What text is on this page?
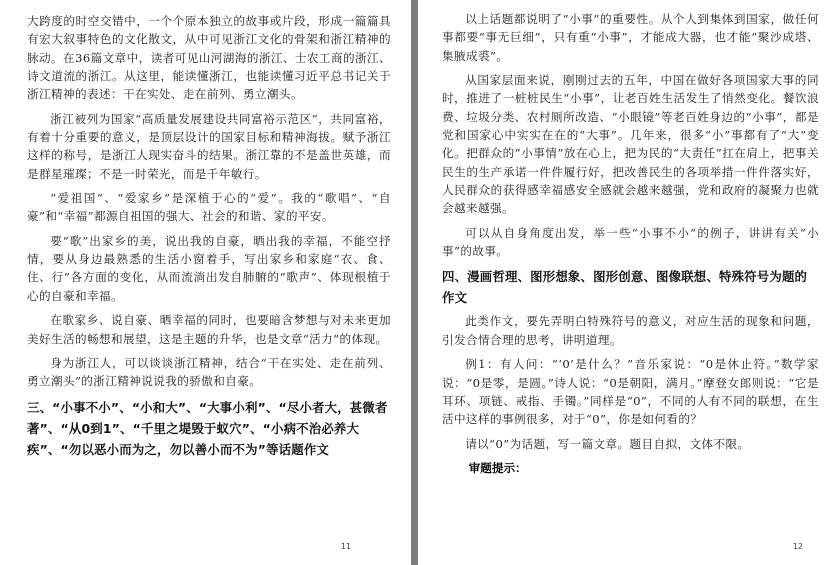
大跨度的时空交错中，一个个原本独立的故事或片段，形成一篇篇具有宏大叙事特色的文化散文，从中可见浙江文化的骨架和浙江精神的脉动。在36篇文章中，读者可见山河湖海的浙江、士农工商的浙江、诗文道流的浙江。从这里，能读懂浙江，也能读懂习近平总书记关于浙江精神的表述：干在实处、走在前列、勇立潮头。

浙江被列为国家“高质量发展建设共同富裕示范区”，共同富裕，有着十分重要的意义，是顶层设计的国家目标和精神海拔。赋予浙江这样的称号，是浙江人现实奋斗的结果。浙江靠的不是盖世英雄，而是群星璀璨；不是一时荣光，而是千年敏行。

“爱祖国”、“爱家乡”是深植于心的“爱”。我的“歌唱”、“自豪”和“幸福”都源自祖国的强大、社会的和谐、家的平安。

要“歌”出家乡的美，说出我的自豪，晒出我的幸福，不能空抒情，要从身边最熟悉的生活小窗着手，写出家乡和家庭“衣、食、住、行”各方面的变化，从而流淌出发自肺腑的“歌声”、体现根植于心的自豪和幸福。

在歌家乡、说自豪、晒幸福的同时，也要暗含梦想与对未来更加美好生活的畅想和展望，这是主题的升华，也是文章“活力”的体现。

身为浙江人，可以谈谈浙江精神，结合“干在实处、走在前列、勇立潮头”的浙江精神说说我的骄傲和自豪。

三、“小事不小”、“小和大”、“大事小利”、“尽小者大，甚微者著”、“从0到1”、“千里之堤毁于蚁穴”、“小病不治必养大疾”、“勿以恶小而为之，勿以善小而不为”等话题作文
11

以上话题都说明了“小事”的重要性。从个人到集体到国家，做任何事都要“事无巨细”，只有重“小事”，才能成大器，也才能“聚沙成塔、集腋成裘”。

从国家层面来说，刚刚过去的五年，中国在做好各项国家大事的同时，推进了一桩桩民生“小事”，让老百姓生活发生了悄然变化。餐饮浪费、垃圾分类、农村厕所改造、“小眼镜”等老百姓身边的“小事”，都是党和国家心中实实在在的“大事”。几年来，很多“小”事都有了“大”变化。把群众的“小事情”放在心上，把为民的“大责任”扛在肩上，把事关民生的生产承诺一件件履行好，把改善民生的各项举措一件件落实好，人民群众的获得感幸福感安全感就会越来越强，党和政府的凝聚力也就会越来越强。

可以从自身角度出发，举一些“小事不小”的例子，讲讲有关“小事”的故事。

四、漫画哲理、图形想象、图形创意、图像联想、特殊符号为题的作文

此类作文，要先弄明白特殊符号的意义，对应生活的现象和问题，引发合情合理的思考，讲明道理。

例1：有人问：“‘0’是什么？”音乐家说：“0是休止符。”数学家说：“0是零，是圆。”诗人说：“0是朝阳，满月。”摩登女郎则说：“它是耳环、项链、戒指、手镯。”同样是“0”，不同的人有不同的联想，在生活中这样的事例很多，对于“0”，你是如何看的？

请以“0”为话题，写一篇文章。题目自拟，文体不限。

审题提示：
12
